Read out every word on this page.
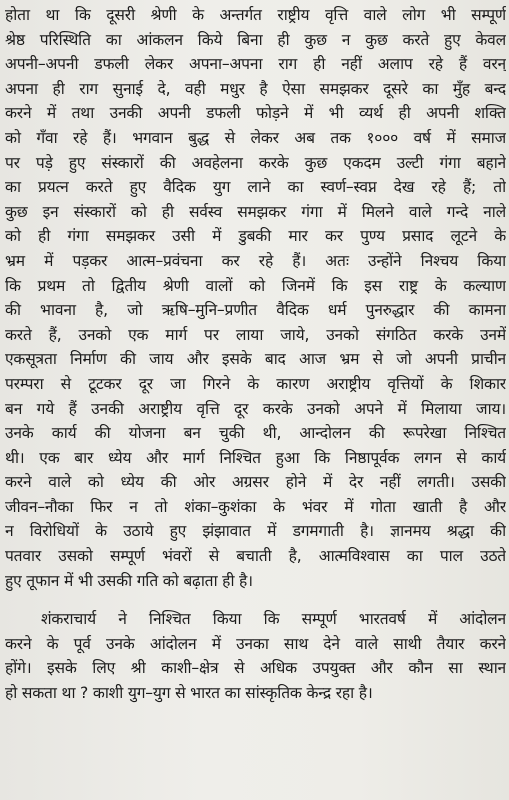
होता था कि दूसरी श्रेणी के अन्तर्गत राष्ट्रीय वृत्ति वाले लोग भी सम्पूर्ण
श्रेष्ठ परिस्थिति का आंकलन किये बिना ही कुछ न कुछ करते हुए केवल
अपनी–अपनी डफली लेकर अपना–अपना राग ही नहीं अलाप रहे हैं वरन्
अपना ही राग सुनाई दे, वही मधुर है ऐसा समझकर दूसरे का मुँह बन्द
करने में तथा उनकी अपनी डफली फोड़ने में भी व्यर्थ ही अपनी शक्ति
को गँवा रहे हैं। भगवान बुद्ध से लेकर अब तक १००० वर्ष में समाज
पर पड़े हुए संस्कारों की अवहेलना करके कुछ एकदम उल्टी गंगा बहाने
का प्रयत्न करते हुए वैदिक युग लाने का स्वर्ण–स्वप्न देख रहे हैं; तो
कुछ इन संस्कारों को ही सर्वस्व समझकर गंगा में मिलने वाले गन्दे नाले
को ही गंगा समझकर उसी में डुबकी मार कर पुण्य प्रसाद लूटने के
भ्रम में पड़कर आत्म–प्रवंचना कर रहे हैं। अतः उन्होंने निश्चय किया
कि प्रथम तो द्वितीय श्रेणी वालों को जिनमें कि इस राष्ट्र के कल्याण
की भावना है, जो ऋषि–मुनि–प्रणीत वैदिक धर्म पुनरुद्धार की कामना
करते हैं, उनको एक मार्ग पर लाया जाये, उनको संगठित करके उनमें
एकसूत्रता निर्माण की जाय और इसके बाद आज भ्रम से जो अपनी प्राचीन
परम्परा से टूटकर दूर जा गिरने के कारण अराष्ट्रीय वृत्तियों के शिकार
बन गये हैं उनकी अराष्ट्रीय वृत्ति दूर करके उनको अपने में मिलाया जाय।
उनके कार्य की योजना बन चुकी थी, आन्दोलन की रूपरेखा निश्चित
थी। एक बार ध्येय और मार्ग निश्चित हुआ कि निष्ठापूर्वक लगन से कार्य
करने वाले को ध्येय की ओर अग्रसर होने में देर नहीं लगती। उसकी
जीवन–नौका फिर न तो शंका–कुशंका के भंवर में गोता खाती है और
न विरोधियों के उठाये हुए झंझावात में डगमगाती है। ज्ञानमय श्रद्धा की
पतवार उसको सम्पूर्ण भंवरों से बचाती है, आत्मविश्वास का पाल उठते
हुए तूफान में भी उसकी गति को बढ़ाता ही है।
शंकराचार्य ने निश्चित किया कि सम्पूर्ण भारतवर्ष में आंदोलन
करने के पूर्व उनके आंदोलन में उनका साथ देने वाले साथी तैयार करने
होंगे। इसके लिए श्री काशी–क्षेत्र से अधिक उपयुक्त और कौन सा स्थान
हो सकता था ? काशी युग–युग से भारत का सांस्कृतिक केन्द्र रहा है।
